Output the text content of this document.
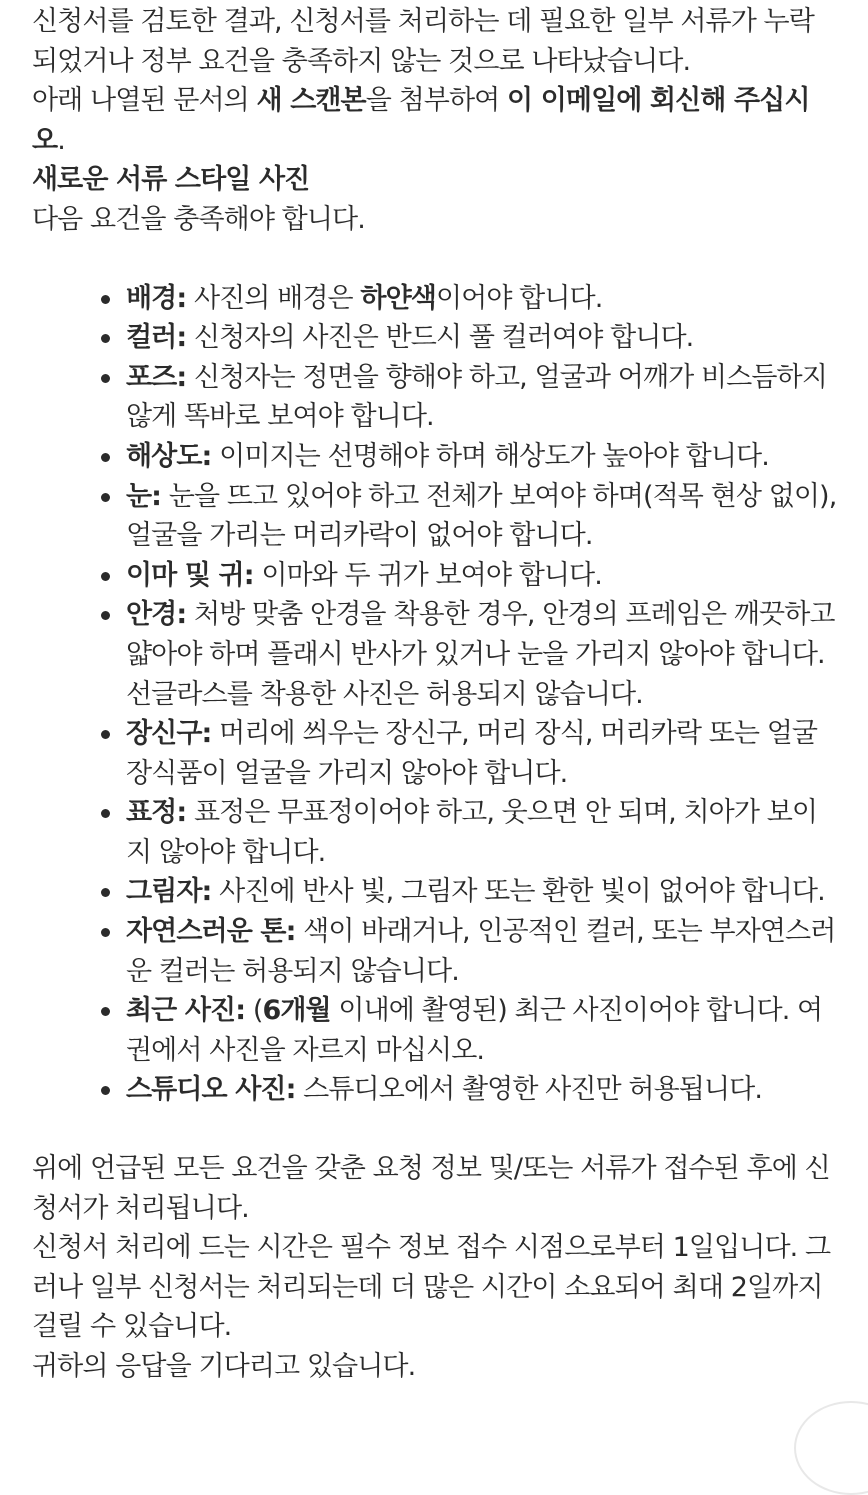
신청서를 검토한 결과, 신청서를 처리하는 데 필요한 일부 서류가 누락되었거나 정부 요건을 충족하지 않는 것으로 나타났습니다.

아래 나열된 문서의 새 스캔본을 첨부하여 이 이메일에 회신해 주십시오.

새로운 서류 스타일 사진

다음 요건을 충족해야 합니다.

배경: 사진의 배경은 하얀색이어야 합니다.
컬러: 신청자의 사진은 반드시 풀 컬러여야 합니다.
포즈: 신청자는 정면을 향해야 하고, 얼굴과 어깨가 비스듬하지 않게 똑바로 보여야 합니다.
해상도: 이미지는 선명해야 하며 해상도가 높아야 합니다.
눈: 눈을 뜨고 있어야 하고 전체가 보여야 하며(적목 현상 없이), 얼굴을 가리는 머리카락이 없어야 합니다.
이마 및 귀: 이마와 두 귀가 보여야 합니다.
안경: 처방 맞춤 안경을 착용한 경우, 안경의 프레임은 깨끗하고 얇아야 하며 플래시 반사가 있거나 눈을 가리지 않아야 합니다. 선글라스를 착용한 사진은 허용되지 않습니다.
장신구: 머리에 씌우는 장신구, 머리 장식, 머리카락 또는 얼굴 장식품이 얼굴을 가리지 않아야 합니다.
표정: 표정은 무표정이어야 하고, 웃으면 안 되며, 치아가 보이지 않아야 합니다.
그림자: 사진에 반사 빛, 그림자 또는 환한 빛이 없어야 합니다.
자연스러운 톤: 색이 바래거나, 인공적인 컬러, 또는 부자연스러운 컬러는 허용되지 않습니다.
최근 사진: (6개월 이내에 촬영된) 최근 사진이어야 합니다. 여권에서 사진을 자르지 마십시오.
스튜디오 사진: 스튜디오에서 촬영한 사진만 허용됩니다.

위에 언급된 모든 요건을 갖춘 요청 정보 및/또는 서류가 접수된 후에 신청서가 처리됩니다.

신청서 처리에 드는 시간은 필수 정보 접수 시점으로부터 1일입니다. 그러나 일부 신청서는 처리되는데 더 많은 시간이 소요되어 최대 2일까지 걸릴 수 있습니다.

귀하의 응답을 기다리고 있습니다.
